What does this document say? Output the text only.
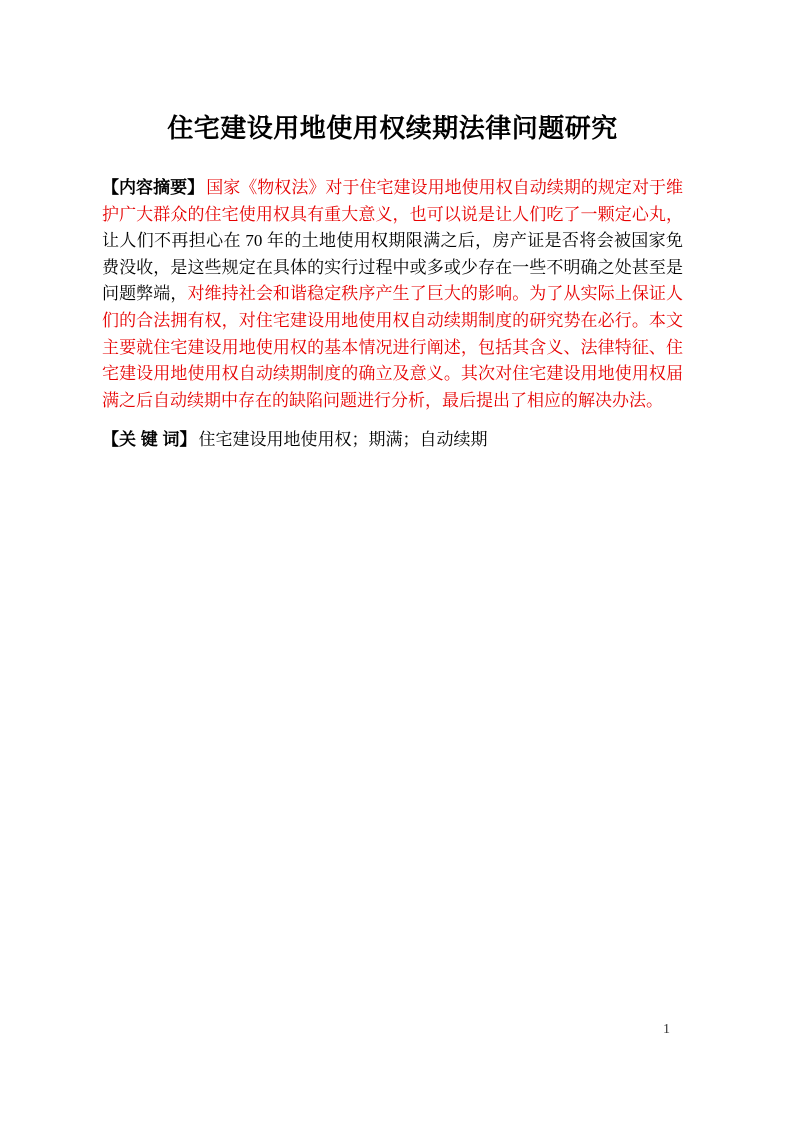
住宅建设用地使用权续期法律问题研究

【内容摘要】 国家《物权法》对于住宅建设用地使用权自动续期的规定对于维护广大群众的住宅使用权具有重大意义，也可以说是让人们吃了一颗定心丸，让人们不再担心在 70 年的土地使用权期限满之后，房产证是否将会被国家免费没收，是这些规定在具体的实行过程中或多或少存在一些不明确之处甚至是问题弊端，对维持社会和谐稳定秩序产生了巨大的影响。为了从实际上保证人们的合法拥有权，对住宅建设用地使用权自动续期制度的研究势在必行。本文主要就住宅建设用地使用权的基本情况进行阐述，包括其含义、法律特征、住宅建设用地使用权自动续期制度的确立及意义。其次对住宅建设用地使用权届满之后自动续期中存在的缺陷问题进行分析，最后提出了相应的解决办法。

【关 键 词】 住宅建设用地使用权；期满；自动续期

1
